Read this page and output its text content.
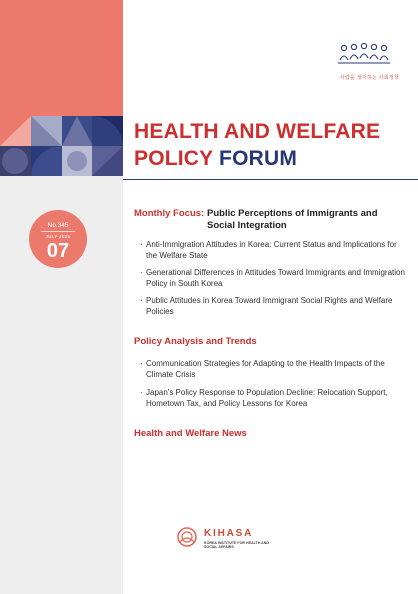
사람을 생각하는 사회정책
HEALTH AND WELFARE
POLICY FORUM
No.345
JULY 2025
07
Monthly Focus: Public Perceptions of Immigrants and Social Integration
· Anti-Immigration Attitudes in Korea: Current Status and Implications for the Welfare State
· Generational Differences in Attitudes Toward Immigrants and Immigration Policy in South Korea
· Public Attitudes in Korea Toward Immigrant Social Rights and Welfare Policies
Policy Analysis and Trends
· Communication Strategies for Adapting to the Health Impacts of the Climate Crisis
· Japan's Policy Response to Population Decline: Relocation Support, Hometown Tax, and Policy Lessons for Korea
Health and Welfare News
KIHASA
KOREA INSTITUTE FOR HEALTH AND SOCIAL AFFAIRS
